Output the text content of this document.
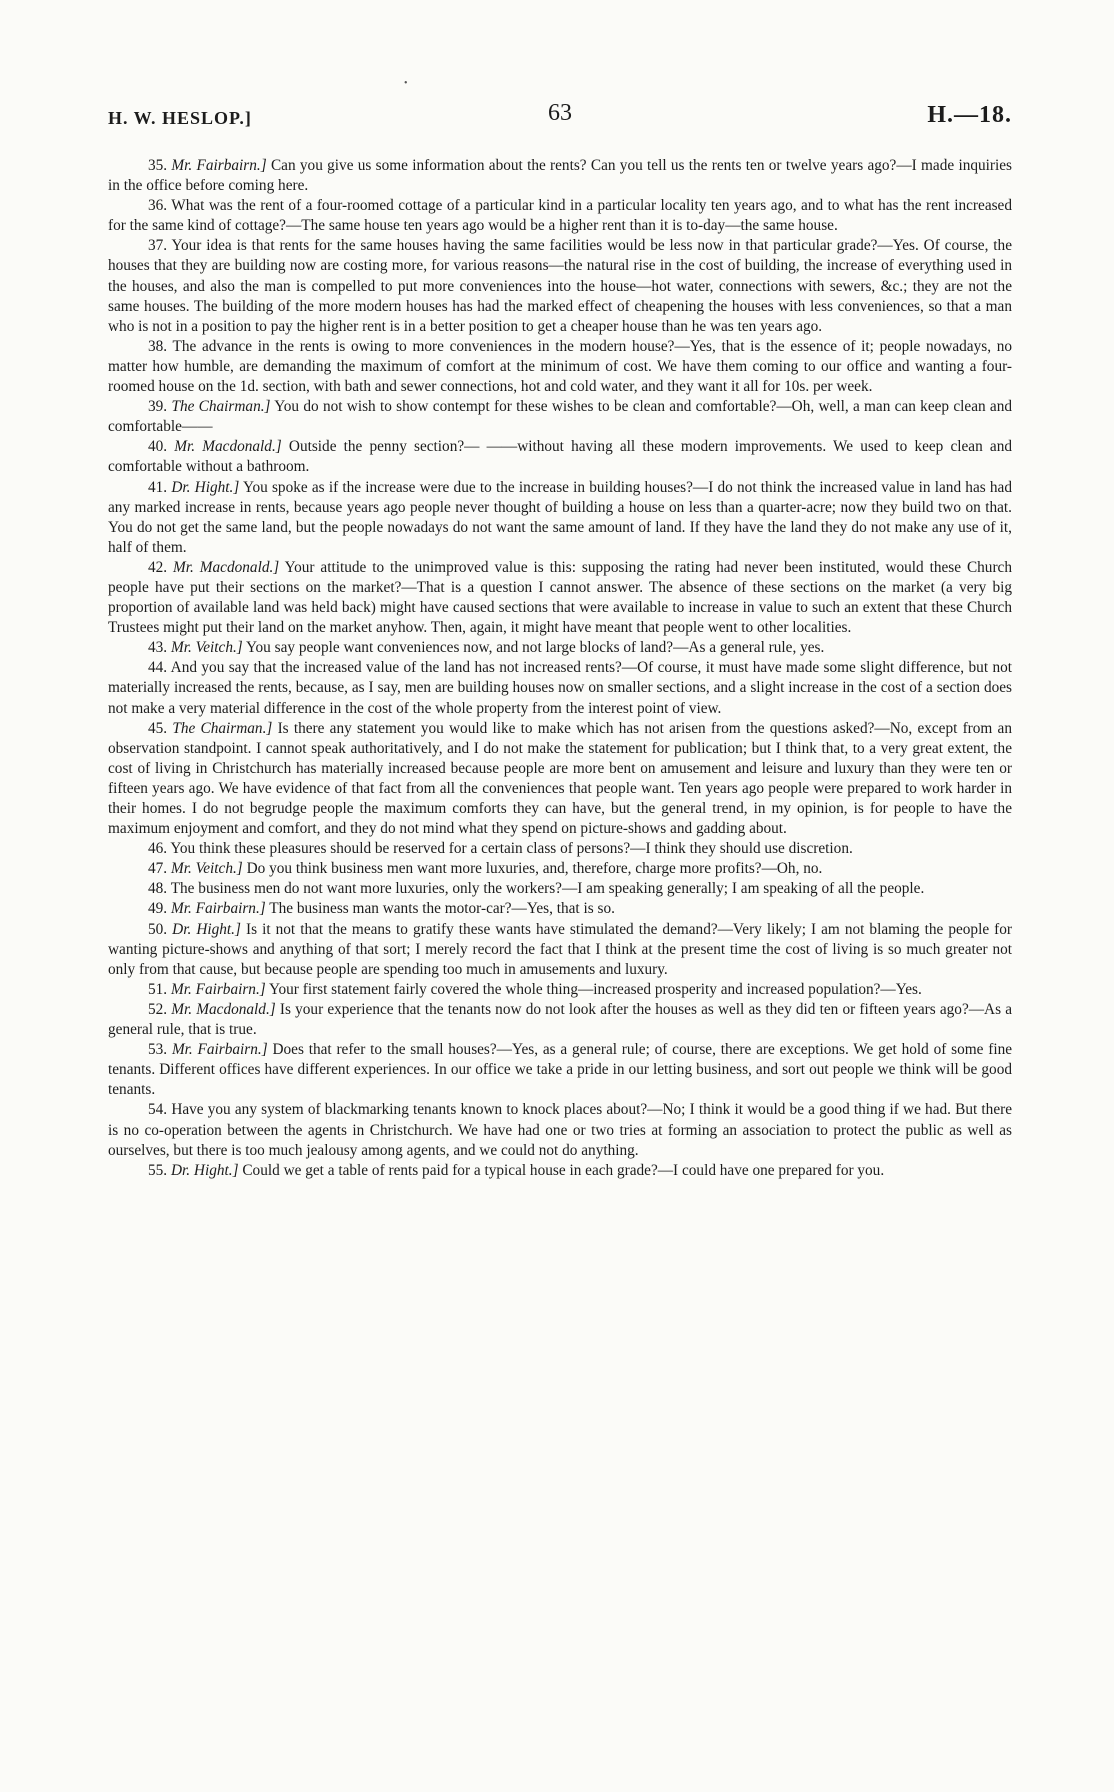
•
H. W. HESLOP.]	63	H.—18.

35. Mr. Fairbairn.] Can you give us some information about the rents? Can you tell us the rents ten or twelve years ago?—I made inquiries in the office before coming here.

36. What was the rent of a four-roomed cottage of a particular kind in a particular locality ten years ago, and to what has the rent increased for the same kind of cottage?—The same house ten years ago would be a higher rent than it is to-day—the same house.

37. Your idea is that rents for the same houses having the same facilities would be less now in that particular grade?—Yes. Of course, the houses that they are building now are costing more, for various reasons—the natural rise in the cost of building, the increase of everything used in the houses, and also the man is compelled to put more conveniences into the house—hot water, connections with sewers, &c.; they are not the same houses. The building of the more modern houses has had the marked effect of cheapening the houses with less conveniences, so that a man who is not in a position to pay the higher rent is in a better position to get a cheaper house than he was ten years ago.

38. The advance in the rents is owing to more conveniences in the modern house?—Yes, that is the essence of it; people nowadays, no matter how humble, are demanding the maximum of comfort at the minimum of cost. We have them coming to our office and wanting a four-roomed house on the 1d. section, with bath and sewer connections, hot and cold water, and they want it all for 10s. per week.

39. The Chairman.] You do not wish to show contempt for these wishes to be clean and comfortable?—Oh, well, a man can keep clean and comfortable——

40. Mr. Macdonald.] Outside the penny section?— ——without having all these modern improvements. We used to keep clean and comfortable without a bathroom.

41. Dr. Hight.] You spoke as if the increase were due to the increase in building houses?—I do not think the increased value in land has had any marked increase in rents, because years ago people never thought of building a house on less than a quarter-acre; now they build two on that. You do not get the same land, but the people nowadays do not want the same amount of land. If they have the land they do not make any use of it, half of them.

42. Mr. Macdonald.] Your attitude to the unimproved value is this: supposing the rating had never been instituted, would these Church people have put their sections on the market?—That is a question I cannot answer. The absence of these sections on the market (a very big proportion of available land was held back) might have caused sections that were available to increase in value to such an extent that these Church Trustees might put their land on the market anyhow. Then, again, it might have meant that people went to other localities.

43. Mr. Veitch.] You say people want conveniences now, and not large blocks of land?—As a general rule, yes.

44. And you say that the increased value of the land has not increased rents?—Of course, it must have made some slight difference, but not materially increased the rents, because, as I say, men are building houses now on smaller sections, and a slight increase in the cost of a section does not make a very material difference in the cost of the whole property from the interest point of view.

45. The Chairman.] Is there any statement you would like to make which has not arisen from the questions asked?—No, except from an observation standpoint. I cannot speak authoritatively, and I do not make the statement for publication; but I think that, to a very great extent, the cost of living in Christchurch has materially increased because people are more bent on amusement and leisure and luxury than they were ten or fifteen years ago. We have evidence of that fact from all the conveniences that people want. Ten years ago people were prepared to work harder in their homes. I do not begrudge people the maximum comforts they can have, but the general trend, in my opinion, is for people to have the maximum enjoyment and comfort, and they do not mind what they spend on picture-shows and gadding about.

46. You think these pleasures should be reserved for a certain class of persons?—I think they should use discretion.

47. Mr. Veitch.] Do you think business men want more luxuries, and, therefore, charge more profits?—Oh, no.

48. The business men do not want more luxuries, only the workers?—I am speaking generally; I am speaking of all the people.

49. Mr. Fairbairn.] The business man wants the motor-car?—Yes, that is so.

50. Dr. Hight.] Is it not that the means to gratify these wants have stimulated the demand?—Very likely; I am not blaming the people for wanting picture-shows and anything of that sort; I merely record the fact that I think at the present time the cost of living is so much greater not only from that cause, but because people are spending too much in amusements and luxury.

51. Mr. Fairbairn.] Your first statement fairly covered the whole thing—increased prosperity and increased population?—Yes.

52. Mr. Macdonald.] Is your experience that the tenants now do not look after the houses as well as they did ten or fifteen years ago?—As a general rule, that is true.

53. Mr. Fairbairn.] Does that refer to the small houses?—Yes, as a general rule; of course, there are exceptions. We get hold of some fine tenants. Different offices have different experiences. In our office we take a pride in our letting business, and sort out people we think will be good tenants.

54. Have you any system of blackmarking tenants known to knock places about?—No; I think it would be a good thing if we had. But there is no co-operation between the agents in Christchurch. We have had one or two tries at forming an association to protect the public as well as ourselves, but there is too much jealousy among agents, and we could not do anything.

55. Dr. Hight.] Could we get a table of rents paid for a typical house in each grade?—I could have one prepared for you.
